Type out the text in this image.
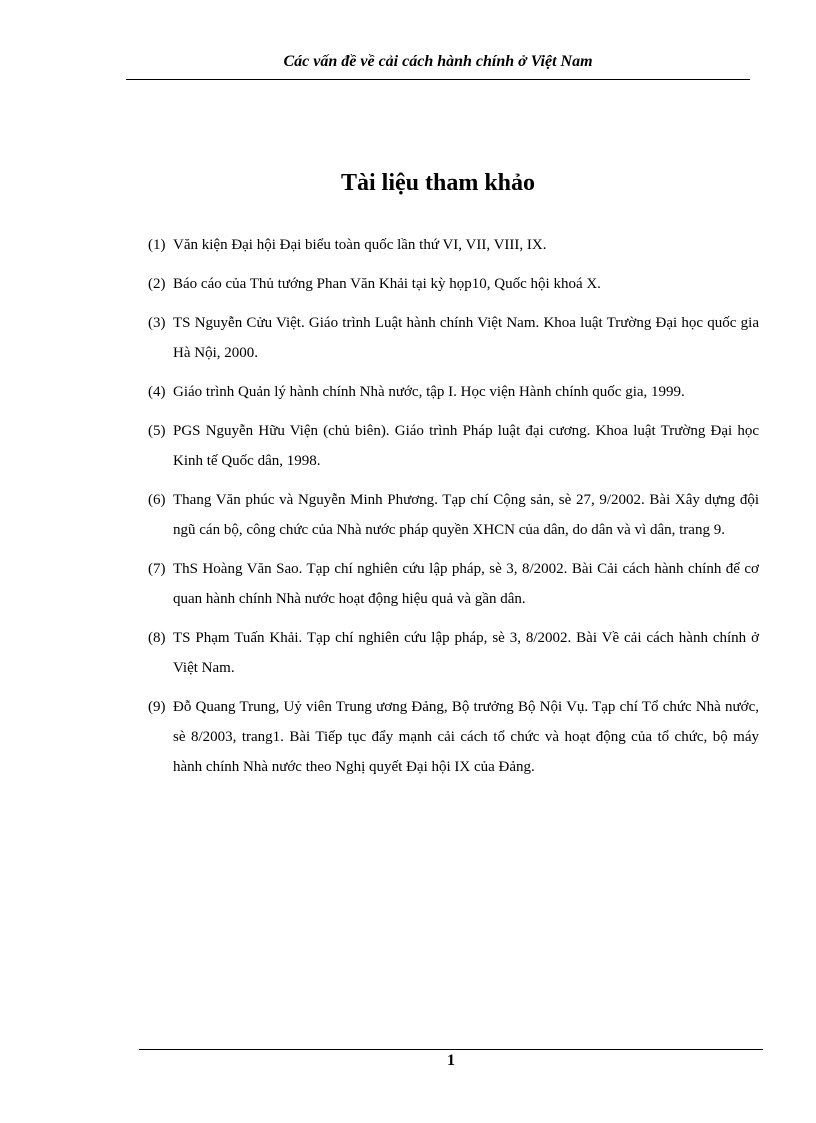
Các vấn đề về cải cách hành chính ở Việt Nam
Tài liệu tham khảo
(1) Văn kiện Đại hội Đại biểu toàn quốc lần thứ VI, VII, VIII, IX.
(2) Báo cáo của Thủ tướng Phan Văn Khải tại kỳ họp10, Quốc hội khoá X.
(3) TS Nguyễn Cửu Việt. Giáo trình Luật hành chính Việt Nam. Khoa luật Trường Đại học quốc gia Hà Nội, 2000.
(4) Giáo trình Quản lý hành chính Nhà nước, tập I. Học viện Hành chính quốc gia, 1999.
(5) PGS Nguyễn Hữu Viện (chủ biên). Giáo trình Pháp luật đại cương. Khoa luật Trường Đại học Kinh tế Quốc dân, 1998.
(6) Thang Văn phúc và Nguyễn Minh Phương. Tạp chí Cộng sản, sè 27, 9/2002. Bài Xây dựng đội ngũ cán bộ, công chức của Nhà nước pháp quyền XHCN của dân, do dân và vì dân, trang 9.
(7) ThS Hoàng Văn Sao. Tạp chí nghiên cứu lập pháp, sè 3, 8/2002. Bài Cải cách hành chính để cơ quan hành chính Nhà nước hoạt động hiệu quả và gần dân.
(8) TS Phạm Tuấn Khải. Tạp chí nghiên cứu lập pháp, sè 3, 8/2002. Bài Về cải cách hành chính ở Việt Nam.
(9) Đỗ Quang Trung, Uỷ viên Trung ương Đảng, Bộ trưởng Bộ Nội Vụ. Tạp chí Tổ chức Nhà nước, sè 8/2003, trang1. Bài Tiếp tục đẩy mạnh cải cách tổ chức và hoạt động của tổ chức, bộ máy hành chính Nhà nước theo Nghị quyết Đại hội IX của Đảng.
1
